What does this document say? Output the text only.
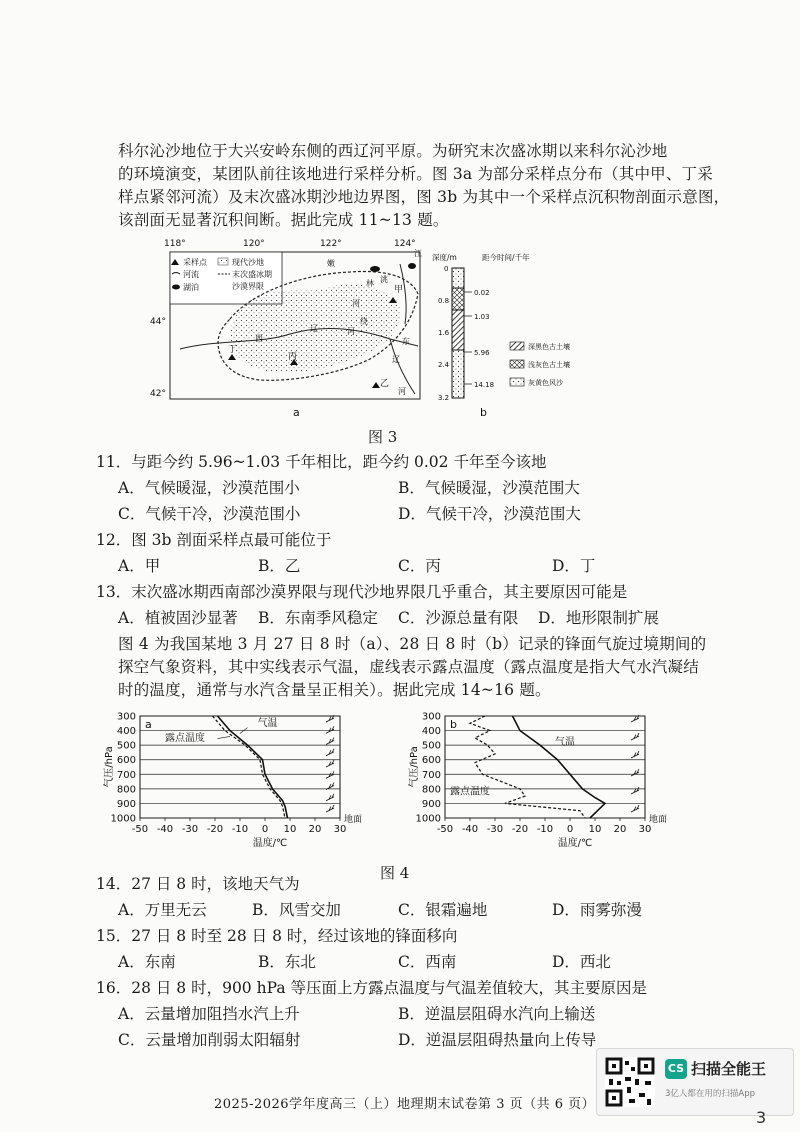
科尔沁沙地位于大兴安岭东侧的西辽河平原。为研究末次盛冰期以来科尔沁沙地
的环境演变，某团队前往该地进行采样分析。图 3a 为部分采样点分布（其中甲、丁采
样点紧邻河流）及末次盛冰期沙地边界图，图 3b 为其中一个采样点沉积物剖面示意图，
该剖面无显著沉积间断。据此完成 11~13 题。
118°	120°	122°	124°
44°
42°
采样点
河流
湖泊
现代沙地
末次盛冰期
沙漠界限	甲
乙
丙
丁
西
辽	河
东
辽
河
嫩
江
洮
河
绕
林
a
深度/m	距今时间/千年
0
0.8
1.6
2.4
3.2
0.02
1.03
5.96
14.18
深黑色古土壤
浅灰色古土壤
灰黄色风沙
b
图 3
11．与距今约 5.96~1.03 千年相比，距今约 0.02 千年至今该地
A．气候暖湿，沙漠范围小	B．气候暖湿，沙漠范围大
C．气候干冷，沙漠范围小	D．气候干冷，沙漠范围大
12．图 3b 剖面采样点最可能位于
A．甲	B．乙	C．丙	D．丁
13．末次盛冰期西南部沙漠界限与现代沙地界限几乎重合，其主要原因可能是
A．植被固沙显著 B．东南季风稳定 C．沙源总量有限 D．地形限制扩展
图 4 为我国某地 3 月 27 日 8 时（a）、28 日 8 时（b）记录的锋面气旋过境期间的
探空气象资料，其中实线表示气温，虚线表示露点温度（露点温度是指大气水汽凝结
时的温度，通常与水汽含量呈正相关）。据此完成 14~16 题。
300
400
500
600
700
800
900
1000
-50 -40 -30 -20 -10 0 10 20 30
气压/hPa
温度/℃
地面
a	气温
露点温度
300
400
500
600
700
800
900
1000
-50 -40 -30 -20 -10 0 10 20 30
气压/hPa
温度/℃
地面
b
气温
露点温度
图 4
14．27 日 8 时，该地天气为
A．万里无云	B．风雪交加	C．银霜遍地	D．雨雾弥漫
15．27 日 8 时至 28 日 8 时，经过该地的锋面移向
A．东南	B．东北	C．西南	D．西北
16．28 日 8 时，900 hPa 等压面上方露点温度与气温差值较大，其主要原因是
A．云量增加阻挡水汽上升	B．逆温层阻碍水汽向上输送
C．云量增加削弱太阳辐射	D．逆温层阻碍热量向上传导
2025-2026学年度高三（上）地理期末试卷第 3 页（共 6 页）
CS 扫描全能王
3亿人都在用的扫描App
3
